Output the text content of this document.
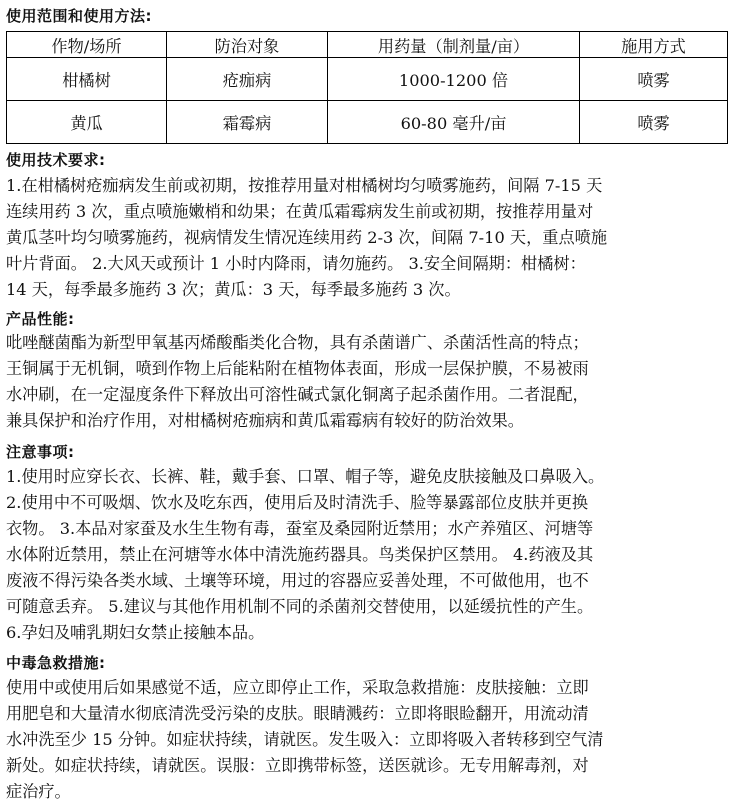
使用范围和使用方法:
作物/场所	防治对象	用药量（制剂量/亩）	施用方式
柑橘树	疮痂病	1000-1200 倍	喷雾
黄瓜	霜霉病	60-80 毫升/亩	喷雾
使用技术要求:
1.在柑橘树疮痂病发生前或初期，按推荐用量对柑橘树均匀喷雾施药，间隔 7-15 天
连续用药 3 次，重点喷施嫩梢和幼果；在黄瓜霜霉病发生前或初期，按推荐用量对
黄瓜茎叶均匀喷雾施药，视病情发生情况连续用药 2-3 次，间隔 7-10 天，重点喷施
叶片背面。 2.大风天或预计 1 小时内降雨，请勿施药。 3.安全间隔期：柑橘树：
14 天，每季最多施药 3 次；黄瓜：3 天，每季最多施药 3 次。
产品性能:
吡唑醚菌酯为新型甲氧基丙烯酸酯类化合物，具有杀菌谱广、杀菌活性高的特点；
王铜属于无机铜，喷到作物上后能粘附在植物体表面，形成一层保护膜，不易被雨
水冲刷，在一定湿度条件下释放出可溶性碱式氯化铜离子起杀菌作用。二者混配，
兼具保护和治疗作用，对柑橘树疮痂病和黄瓜霜霉病有较好的防治效果。
注意事项:
1.使用时应穿长衣、长裤、鞋，戴手套、口罩、帽子等，避免皮肤接触及口鼻吸入。
2.使用中不可吸烟、饮水及吃东西，使用后及时清洗手、脸等暴露部位皮肤并更换
衣物。 3.本品对家蚕及水生生物有毒，蚕室及桑园附近禁用；水产养殖区、河塘等
水体附近禁用，禁止在河塘等水体中清洗施药器具。鸟类保护区禁用。 4.药液及其
废液不得污染各类水域、土壤等环境，用过的容器应妥善处理，不可做他用，也不
可随意丢弃。 5.建议与其他作用机制不同的杀菌剂交替使用，以延缓抗性的产生。
6.孕妇及哺乳期妇女禁止接触本品。
中毒急救措施:
使用中或使用后如果感觉不适，应立即停止工作，采取急救措施：皮肤接触：立即
用肥皂和大量清水彻底清洗受污染的皮肤。眼睛溅药：立即将眼睑翻开，用流动清
水冲洗至少 15 分钟。如症状持续，请就医。发生吸入：立即将吸入者转移到空气清
新处。如症状持续，请就医。误服：立即携带标签，送医就诊。无专用解毒剂，对
症治疗。
